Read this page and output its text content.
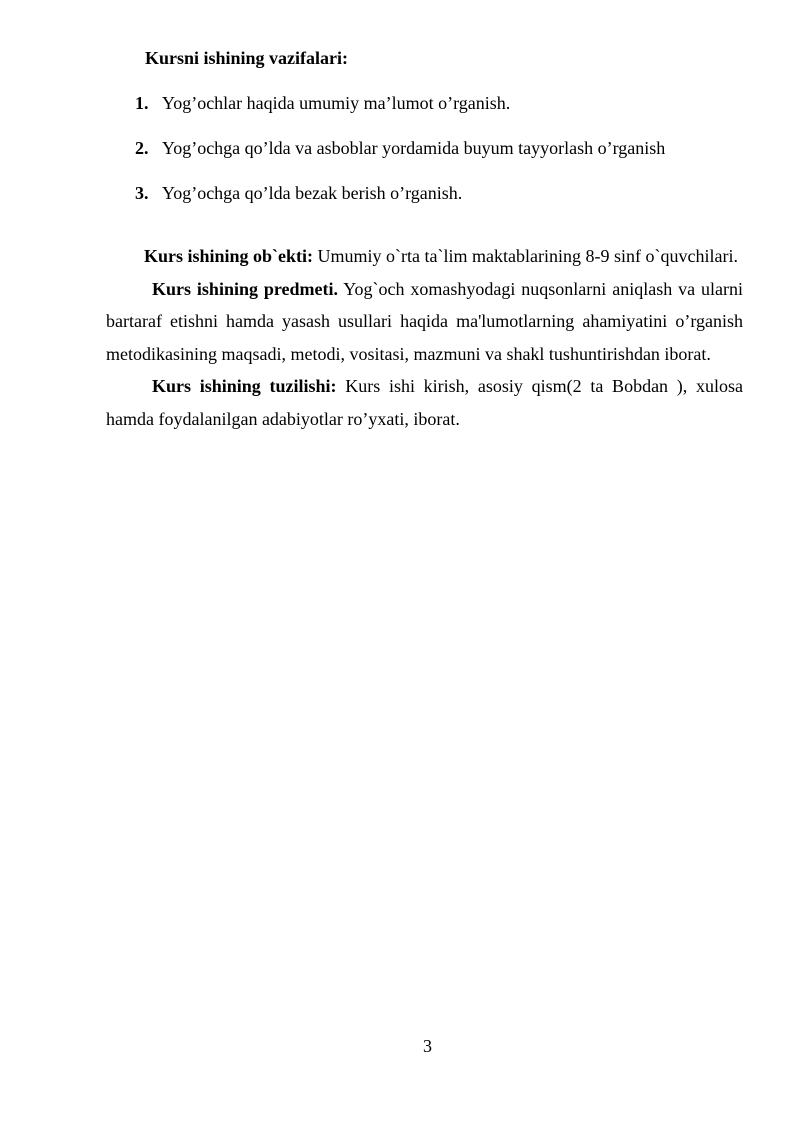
Kursni ishining vazifalari:

1. Yog’ochlar haqida umumiy ma’lumot o’rganish.
2. Yog’ochga qo’lda va asboblar yordamida buyum tayyorlash o’rganish
3. Yog’ochga qo’lda bezak berish o’rganish.

Kurs ishining ob`ekti: Umumiy o`rta ta`lim maktablarining 8-9 sinf o`quvchilari.

Kurs ishining predmeti. Yog`och xomashyodagi nuqsonlarni aniqlash va ularni bartaraf etishni hamda yasash usullari haqida ma'lumotlarning ahamiyatini o’rganish metodikasining maqsadi, metodi, vositasi, mazmuni va shakl tushuntirishdan iborat.

Kurs ishining tuzilishi: Kurs ishi kirish, asosiy qism(2 ta Bobdan ), xulosa hamda foydalanilgan adabiyotlar ro’yxati, iborat.

3
